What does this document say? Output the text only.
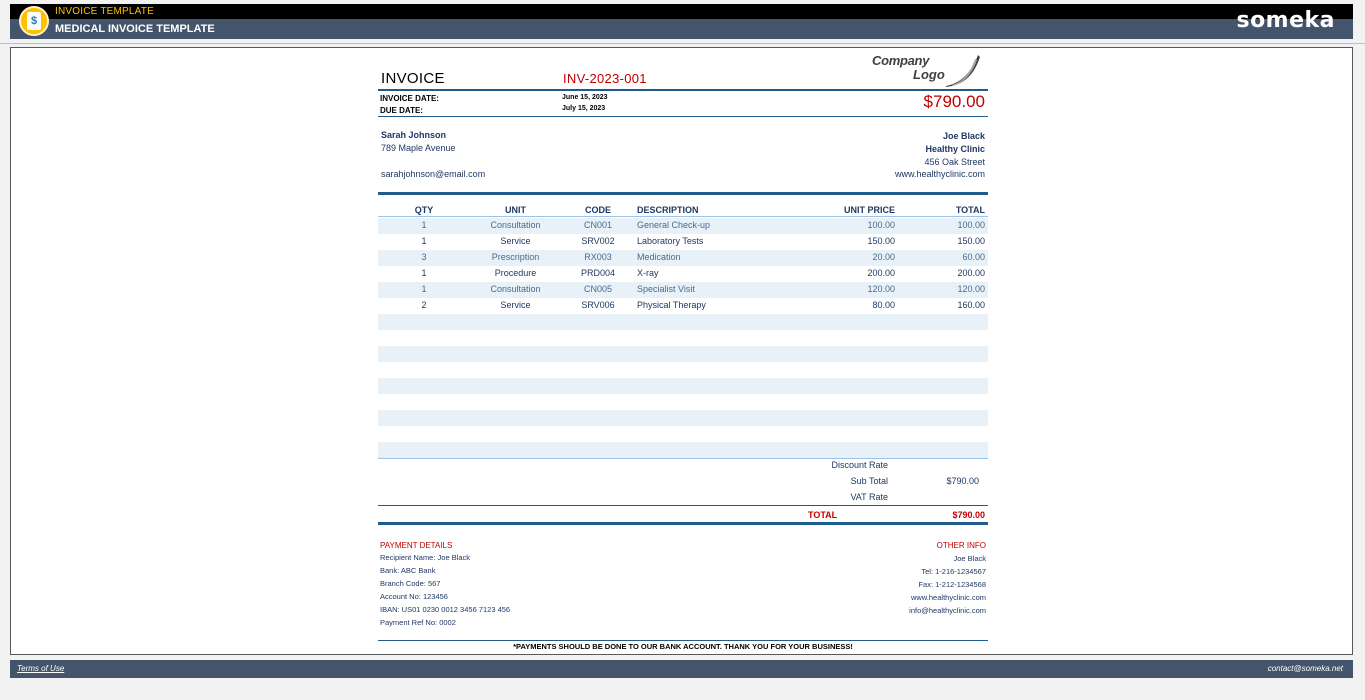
$
INVOICE TEMPLATE
MEDICAL INVOICE TEMPLATE	someka
Company
Logo
INVOICE	INV-2023-001
INVOICE DATE:	June 15, 2023
DUE DATE:	July 15, 2023	$790.00
Sarah Johnson
789 Maple Avenue
sarahjohnson@email.com
Joe Black
Healthy Clinic
456 Oak Street
www.healthyclinic.com
QTY	UNIT	CODE	DESCRIPTION	UNIT PRICE	TOTAL
1	Consultation	CN001	General Check-up	100.00	100.00
1	Service	SRV002	Laboratory Tests	150.00	150.00
3	Prescription	RX003	Medication	20.00	60.00
1	Procedure	PRD004	X-ray	200.00	200.00
1	Consultation	CN005	Specialist Visit	120.00	120.00
2	Service	SRV006	Physical Therapy	80.00	160.00
Discount Rate
Sub Total	$790.00
VAT Rate
TOTAL	$790.00
PAYMENT DETAILS
Recipient Name: Joe Black
Bank: ABC Bank
Branch Code: 567
Account No: 123456
IBAN: US01 0230 0012 3456 7123 456
Payment Ref No: 0002
OTHER INFO
Joe Black
Tel: 1-216-1234567
Fax: 1-212-1234568
www.healthyclinic.com
info@healthyclinic.com
*PAYMENTS SHOULD BE DONE TO OUR BANK ACCOUNT. THANK YOU FOR YOUR BUSINESS!
Terms of Use	contact@someka.net
